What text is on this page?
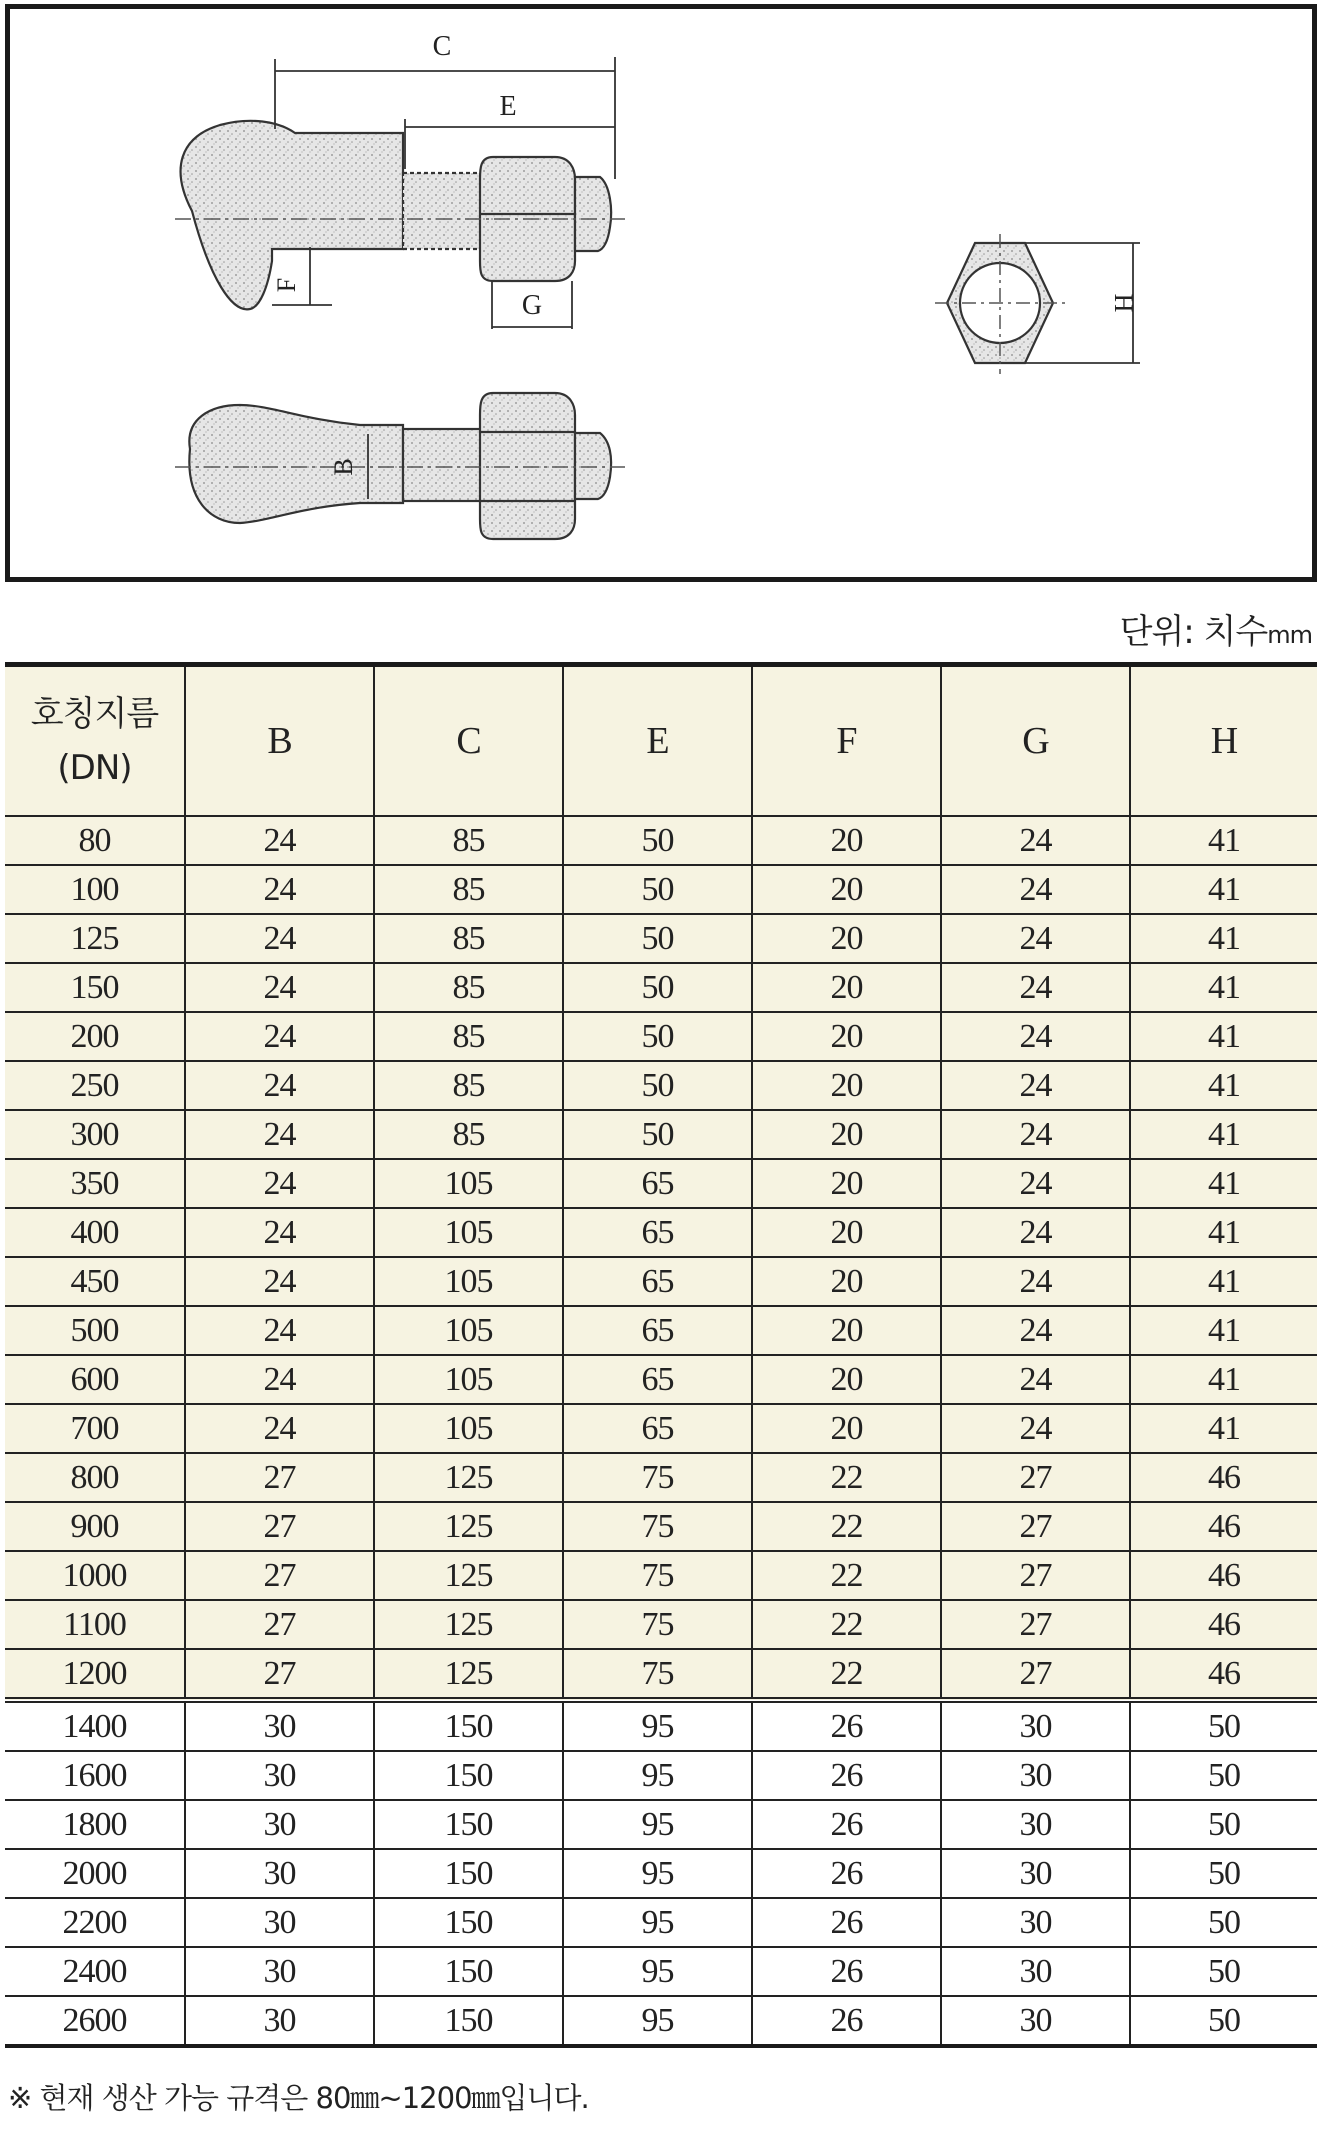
C
E
F
G
B
H
단위: 치수mm
호칭지름
(DN)	B	C	E	F	G	H
80	24	85	50	20	24	41
100	24	85	50	20	24	41
125	24	85	50	20	24	41
150	24	85	50	20	24	41
200	24	85	50	20	24	41
250	24	85	50	20	24	41
300	24	85	50	20	24	41
350	24	105	65	20	24	41
400	24	105	65	20	24	41
450	24	105	65	20	24	41
500	24	105	65	20	24	41
600	24	105	65	20	24	41
700	24	105	65	20	24	41
800	27	125	75	22	27	46
900	27	125	75	22	27	46
1000	27	125	75	22	27	46
1100	27	125	75	22	27	46
1200	27	125	75	22	27	46
1400	30	150	95	26	30	50
1600	30	150	95	26	30	50
1800	30	150	95	26	30	50
2000	30	150	95	26	30	50
2200	30	150	95	26	30	50
2400	30	150	95	26	30	50
2600	30	150	95	26	30	50
※ 현재 생산 가능 규격은 80㎜~1200㎜입니다.
